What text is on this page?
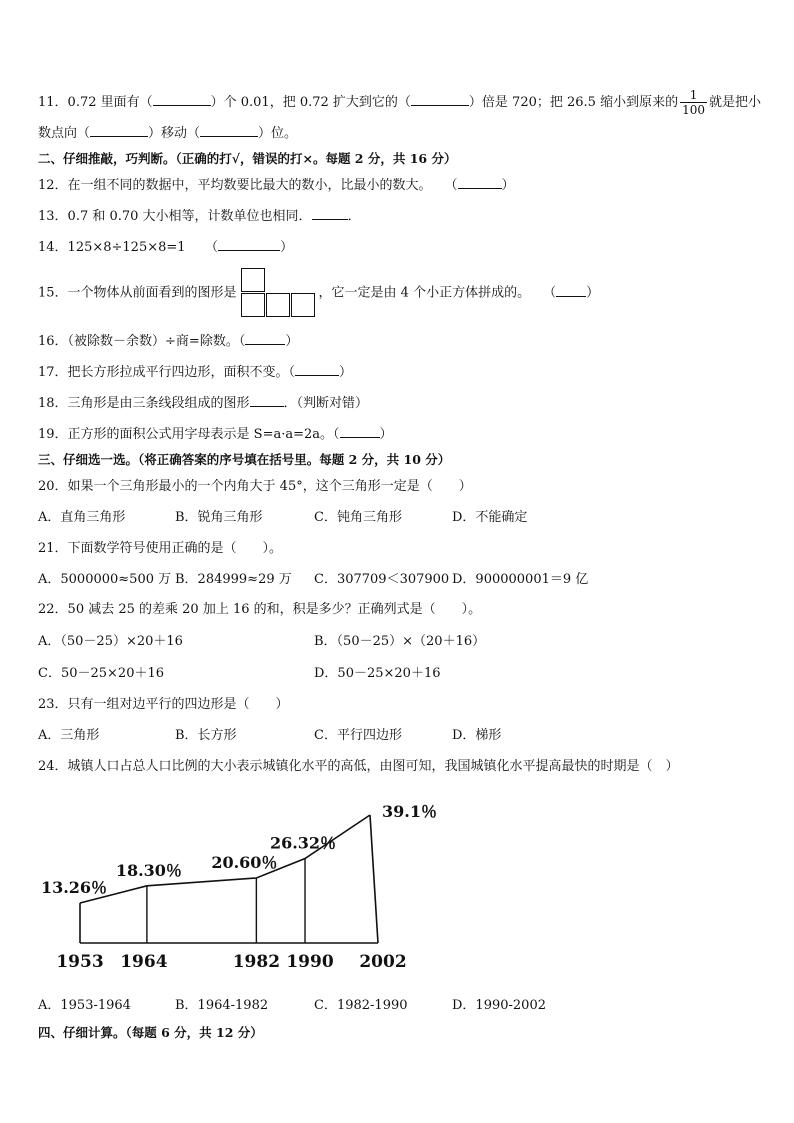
11．0.72 里面有（	）个 0.01，把 0.72 扩大到它的（	）倍是 720；把 26.5 缩小到原来的 $\frac{1}{100}$ 就是把小
数点向（	）移动（	）位。
二、仔细推敲，巧判断。（正确的打√，错误的打×。每题 2 分，共 16 分）
12．在一组不同的数据中，平均数要比最大的数小，比最小的数大。　　（	）
13．0.7 和 0.70 大小相等，计数单位也相同．	．
14．125×8÷125×8=1　　（	）
15．一个物体从前面看到的图形是	，它一定是由 4 个小正方体拼成的。　　（ ）
16．（被除数－余数）÷商=除数。（	）
17．把长方形拉成平行四边形，面积不变。（	）
18．三角形是由三条线段组成的图形	．（判断对错）
19．正方形的面积公式用字母表示是 S=a·a=2a。（	）
三、仔细选一选。（将正确答案的序号填在括号里。每题 2 分，共 10 分）
20．如果一个三角形最小的一个内角大于 45°，这个三角形一定是（　　）
A．直角三角形	B．锐角三角形	C．钝角三角形	D．不能确定
21．下面数学符号使用正确的是（　　）。
A．5000000≈500 万 B．284999≈29 万 C．307709＜307900 D．900000001＝9 亿
22．50 减去 25 的差乘 20 加上 16 的和，积是多少？正确列式是（　　）。
A．（50－25）×20＋16	B．（50－25）×（20＋16）
C．50－25×20＋16	D．50－25×20＋16
23．只有一组对边平行的四边形是（　　）
A．三角形	B．长方形	C．平行四边形	D．梯形
24．城镇人口占总人口比例的大小表示城镇化水平的高低，由图可知，我国城镇化水平提高最快的时期是（　）
1953 1964	1982 1990 2002
13.26％
18.30％ 20.60％
26.32％
39.1％
A．1953-1964	B．1964-1982	C．1982-1990	D．1990-2002
四、仔细计算。（每题 6 分，共 12 分）
